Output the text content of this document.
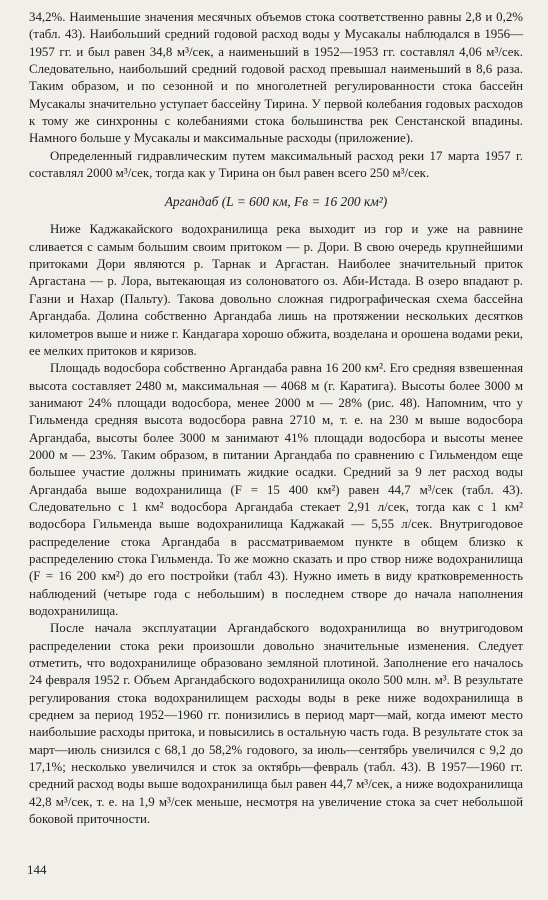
34,2%. Наименьшие значения месячных объемов стока соответственно равны 2,8 и 0,2% (табл. 43). Наибольший средний годовой расход воды у Мусакалы наблюдался в 1956—1957 гг. и был равен 34,8 м³/сек, а наименьший в 1952—1953 гг. составлял 4,06 м³/сек. Следовательно, наибольший средний годовой расход превышал наименьший в 8,6 раза. Таким образом, и по сезонной и по многолетней регулированности стока бассейн Мусакалы значительно уступает бассейну Тирина. У первой колебания годовых расходов к тому же синхронны с колебаниями стока большинства рек Сенстанской впадины. Намного больше у Мусакалы и максимальные расходы (приложение).

Определенный гидравлическим путем максимальный расход реки 17 марта 1957 г. составлял 2000 м³/сек, тогда как у Тирина он был равен всего 250 м³/сек.

Аргандаб (L = 600 км, Fв = 16 200 км²)

Ниже Каджакайского водохранилища река выходит из гор и уже на равнине сливается с самым большим своим притоком — р. Дори. В свою очередь крупнейшими притоками Дори являются р. Тарнак и Аргастан. Наиболее значительный приток Аргастана — р. Лора, вытекающая из солоноватого оз. Аби-Истада. В озеро впадают р. Газни и Нахар (Пальту). Такова довольно сложная гидрографическая схема бассейна Аргандаба. Долина собственно Аргандаба лишь на протяжении нескольких десятков километров выше и ниже г. Кандагара хорошо обжита, возделана и орошена водами реки, ее мелких притоков и кяризов.

Площадь водосбора собственно Аргандаба равна 16 200 км². Его средняя взвешенная высота составляет 2480 м, максимальная — 4068 м (г. Каратига). Высоты более 3000 м занимают 24% площади водосбора, менее 2000 м — 28% (рис. 48). Напомним, что у Гильменда средняя высота водосбора равна 2710 м, т. е. на 230 м выше водосбора Аргандаба, высоты более 3000 м занимают 41% площади водосбора и высоты менее 2000 м — 23%. Таким образом, в питании Аргандаба по сравнению с Гильмендом еще большее участие должны принимать жидкие осадки. Средний за 9 лет расход воды Аргандаба выше водохранилища (F = 15 400 км²) равен 44,7 м³/сек (табл. 43). Следовательно с 1 км² водосбора Аргандаба стекает 2,91 л/сек, тогда как с 1 км² водосбора Гильменда выше водохранилища Каджакай — 5,55 л/сек. Внутригодовое распределение стока Аргандаба в рассматриваемом пункте в общем близко к распределению стока Гильменда. То же можно сказать и про створ ниже водохранилища (F = 16 200 км²) до его постройки (табл 43). Нужно иметь в виду кратковременность наблюдений (четыре года с небольшим) в последнем створе до начала наполнения водохранилища.

После начала эксплуатации Аргандабского водохранилища во внутригодовом распределении стока реки произошли довольно значительные изменения. Следует отметить, что водохранилище образовано земляной плотиной. Заполнение его началось 24 февраля 1952 г. Объем Аргандабского водохранилища около 500 млн. м³. В результате регулирования стока водохранилищем расходы воды в реке ниже водохранилища в среднем за период 1952—1960 гг. понизились в период март—май, когда имеют место наибольшие расходы притока, и повысились в остальную часть года. В результате сток за март—июль снизился с 68,1 до 58,2% годового, за июль—сентябрь увеличился с 9,2 до 17,1%; несколько увеличился и сток за октябрь—февраль (табл. 43). В 1957—1960 гг. средний расход воды выше водохранилища был равен 44,7 м³/сек, а ниже водохранилища 42,8 м³/сек, т. е. на 1,9 м³/сек меньше, несмотря на увеличение стока за счет небольшой боковой приточности.

144
